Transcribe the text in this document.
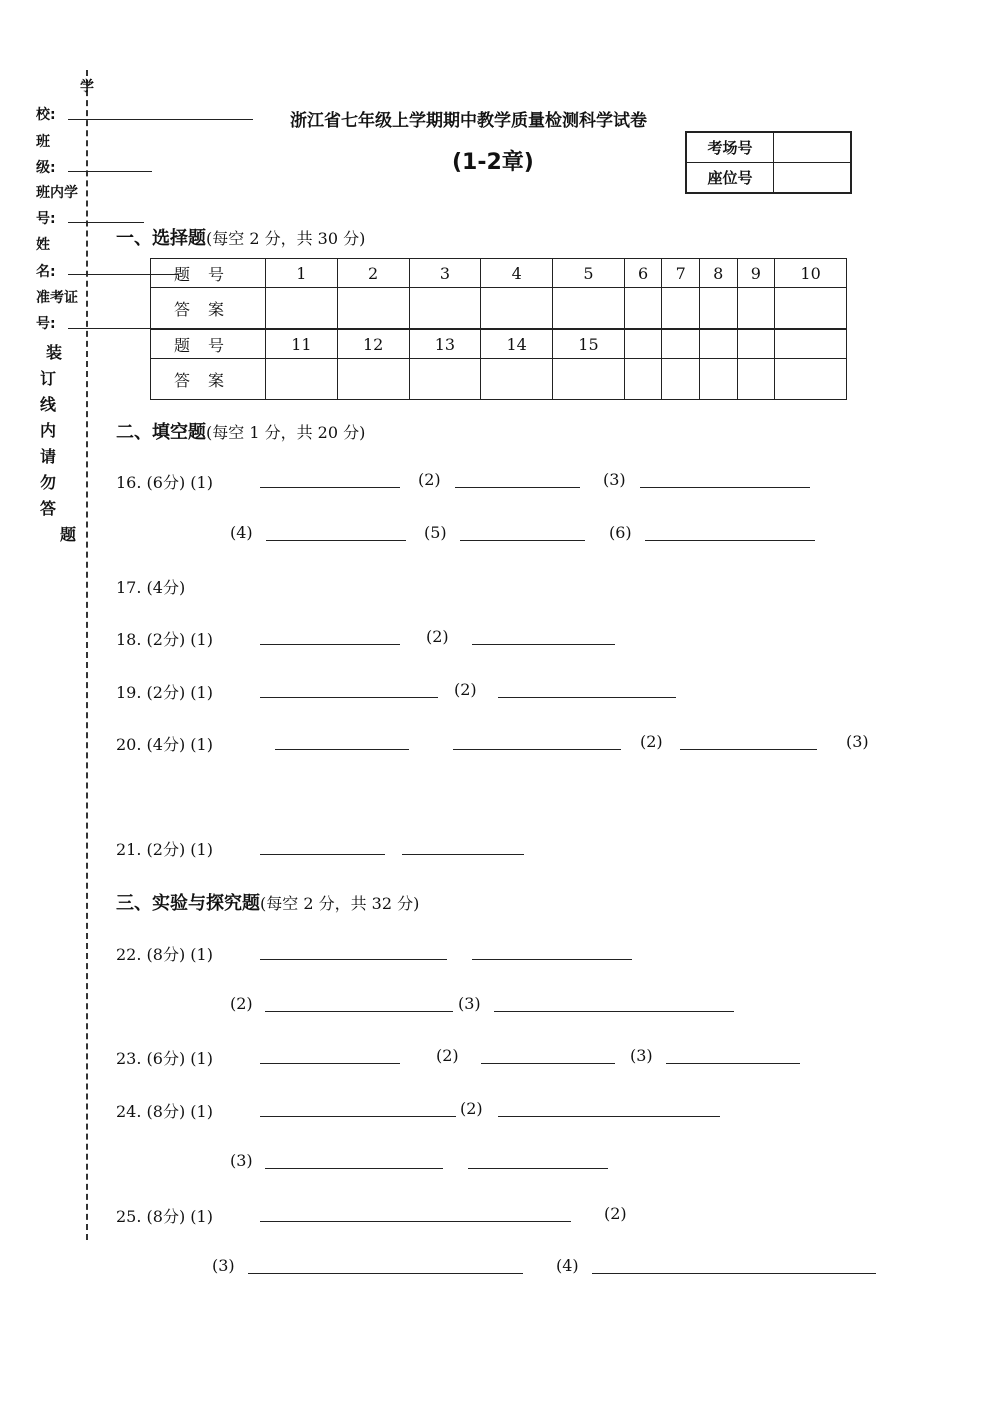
学
校:
班
级:
班内学
号:
姓
名:
准考证
号:
装
订
线
内
请
勿
答
题
浙江省七年级上学期期中教学质量检测科学试卷
(1-2章)
考场号	
座位号	
一、选择题(每空 2 分，共 30 分)
题号	1	2	3	4	5	6	7	8	9	10
答案										
题号	11	12	13	14	15					
答案										
二、填空题(每空 1 分，共 20 分)
16. (6分) (1)	(2)	(3)
(4)	(5)	(6)
17. (4分)
18. (2分) (1)	(2)
19. (2分) (1)	(2)
20. (4分) (1)	(2)	(3)
21. (2分) (1)
三、实验与探究题(每空 2 分，共 32 分)
22. (8分) (1)
(2)	(3)
23. (6分) (1)	(2)	(3)
24. (8分) (1)	(2)
(3)
25. (8分) (1)	(2)
(3)	(4)
